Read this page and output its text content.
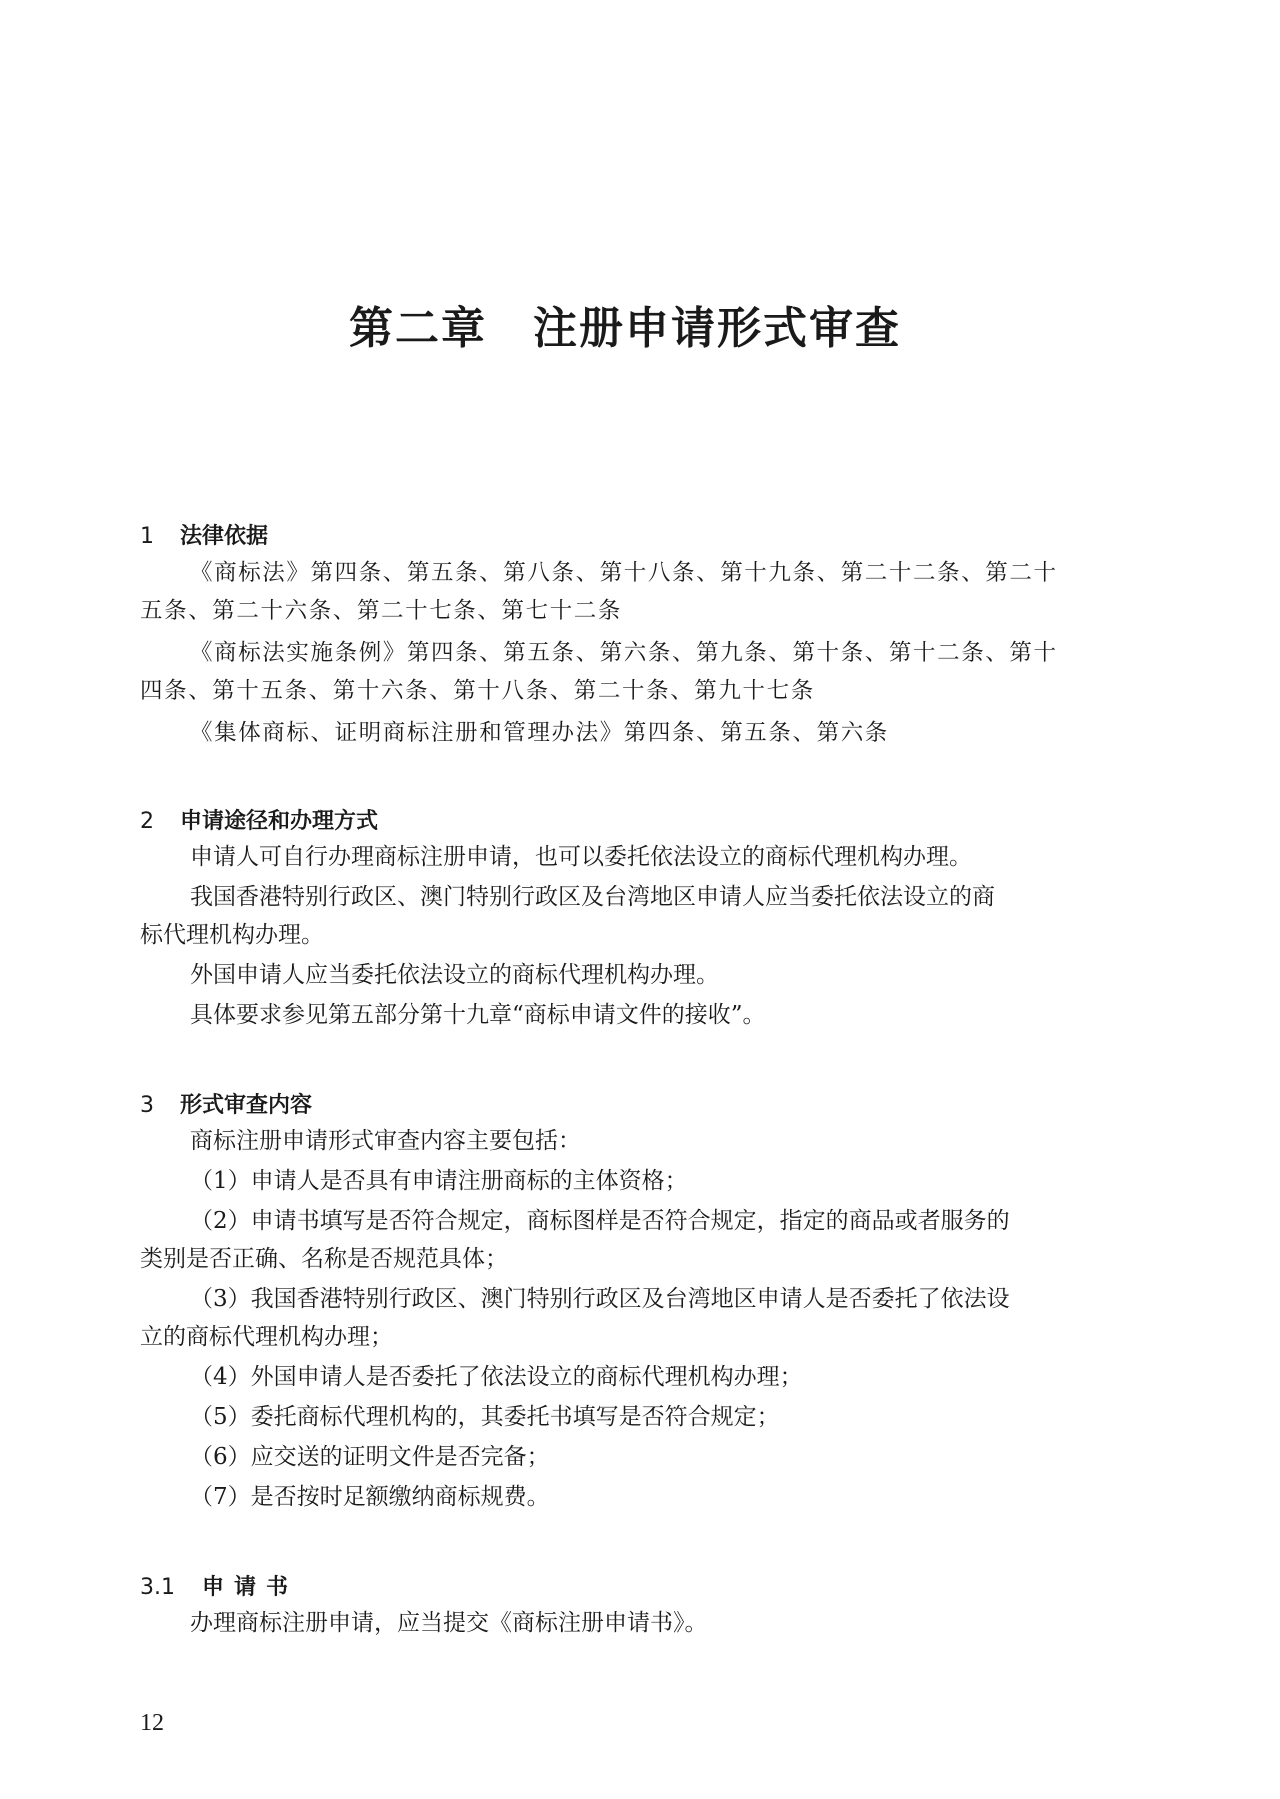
第二章 注册申请形式审查
1 法律依据

《商标法》第四条、第五条、第八条、第十八条、第十九条、第二十二条、第二十

五条、第二十六条、第二十七条、第七十二条

《商标法实施条例》第四条、第五条、第六条、第九条、第十条、第十二条、第十

四条、第十五条、第十六条、第十八条、第二十条、第九十七条

《集体商标、证明商标注册和管理办法》第四条、第五条、第六条

2 申请途径和办理方式

申请人可自行办理商标注册申请，也可以委托依法设立的商标代理机构办理。

我国香港特别行政区、澳门特别行政区及台湾地区申请人应当委托依法设立的商

标代理机构办理。

外国申请人应当委托依法设立的商标代理机构办理。

具体要求参见第五部分第十九章“商标申请文件的接收”。

3 形式审查内容

商标注册申请形式审查内容主要包括：

（1）申请人是否具有申请注册商标的主体资格；

（2）申请书填写是否符合规定，商标图样是否符合规定，指定的商品或者服务的

类别是否正确、名称是否规范具体；

（3）我国香港特别行政区、澳门特别行政区及台湾地区申请人是否委托了依法设

立的商标代理机构办理；

（4）外国申请人是否委托了依法设立的商标代理机构办理；

（5）委托商标代理机构的，其委托书填写是否符合规定；

（6）应交送的证明文件是否完备；

（7）是否按时足额缴纳商标规费。

3.1 申请书

办理商标注册申请，应当提交《商标注册申请书》。

12
